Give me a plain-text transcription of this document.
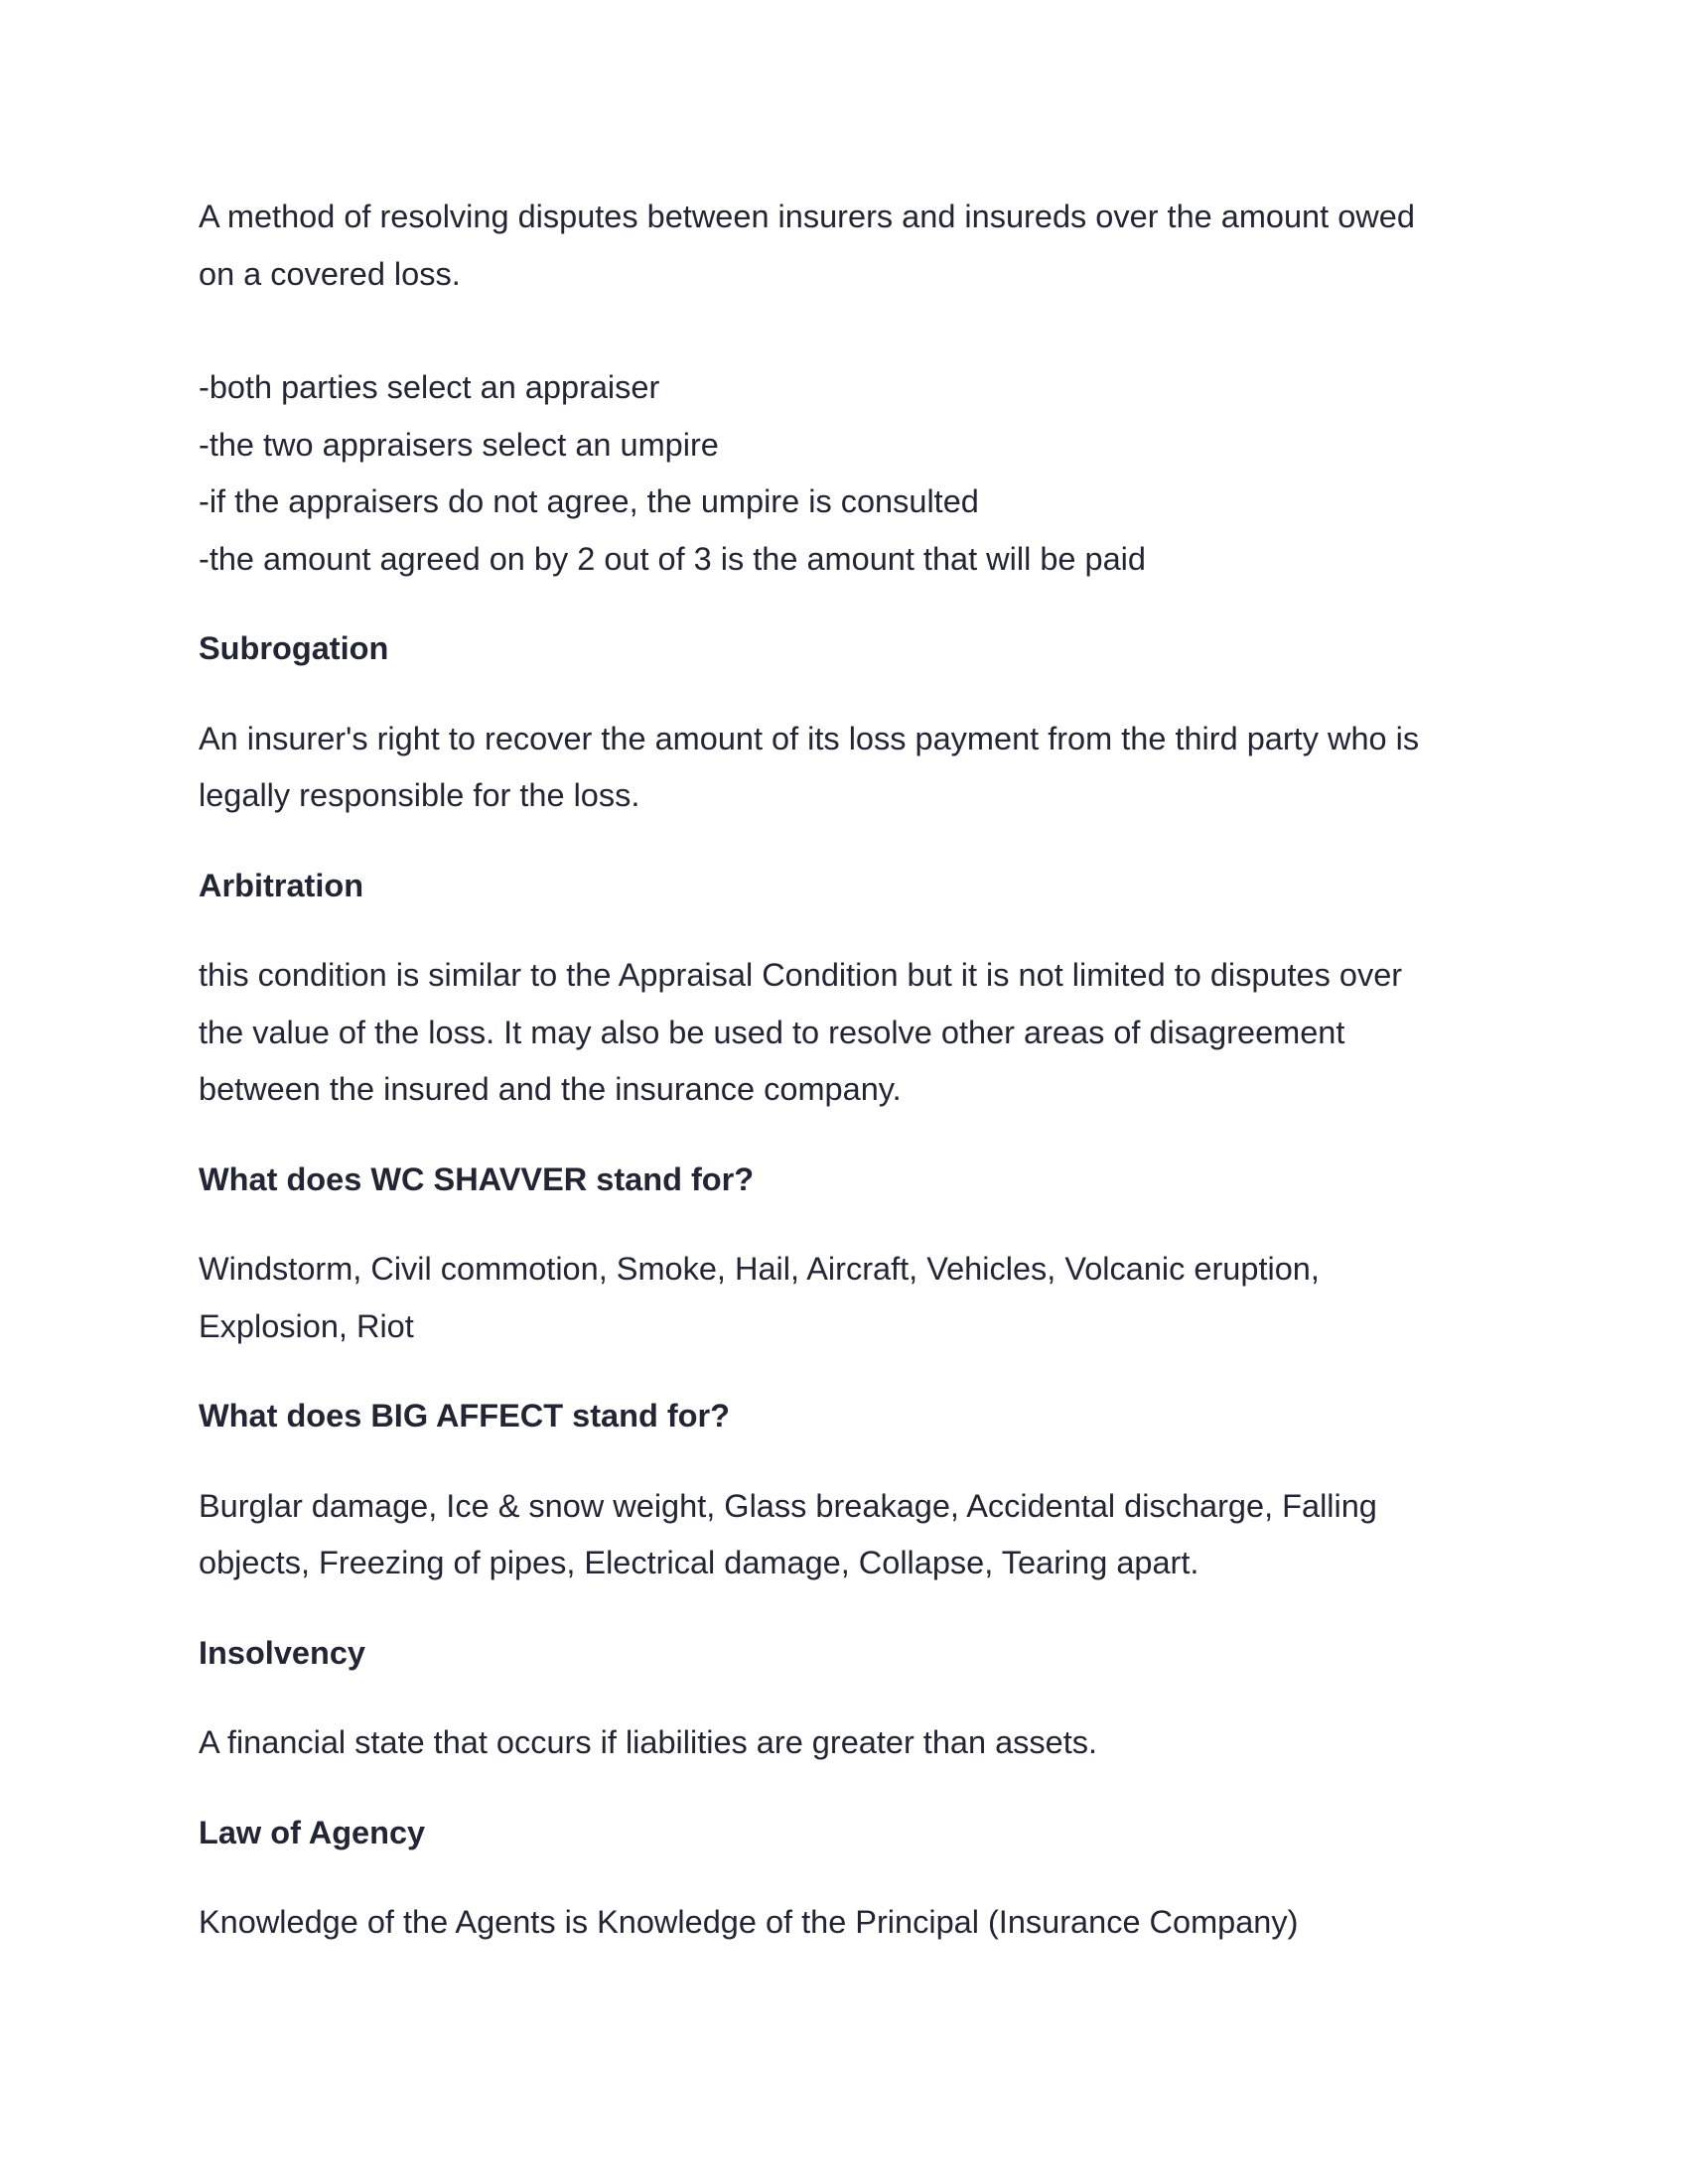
A method of resolving disputes between insurers and insureds over the amount owed
on a covered loss.

-both parties select an appraiser
-the two appraisers select an umpire
-if the appraisers do not agree, the umpire is consulted
-the amount agreed on by 2 out of 3 is the amount that will be paid

Subrogation

An insurer's right to recover the amount of its loss payment from the third party who is
legally responsible for the loss.

Arbitration

this condition is similar to the Appraisal Condition but it is not limited to disputes over
the value of the loss. It may also be used to resolve other areas of disagreement
between the insured and the insurance company.

What does WC SHAVVER stand for?

Windstorm, Civil commotion, Smoke, Hail, Aircraft, Vehicles, Volcanic eruption,
Explosion, Riot

What does BIG AFFECT stand for?

Burglar damage, Ice & snow weight, Glass breakage, Accidental discharge, Falling
objects, Freezing of pipes, Electrical damage, Collapse, Tearing apart.

Insolvency

A financial state that occurs if liabilities are greater than assets.

Law of Agency

Knowledge of the Agents is Knowledge of the Principal (Insurance Company)
